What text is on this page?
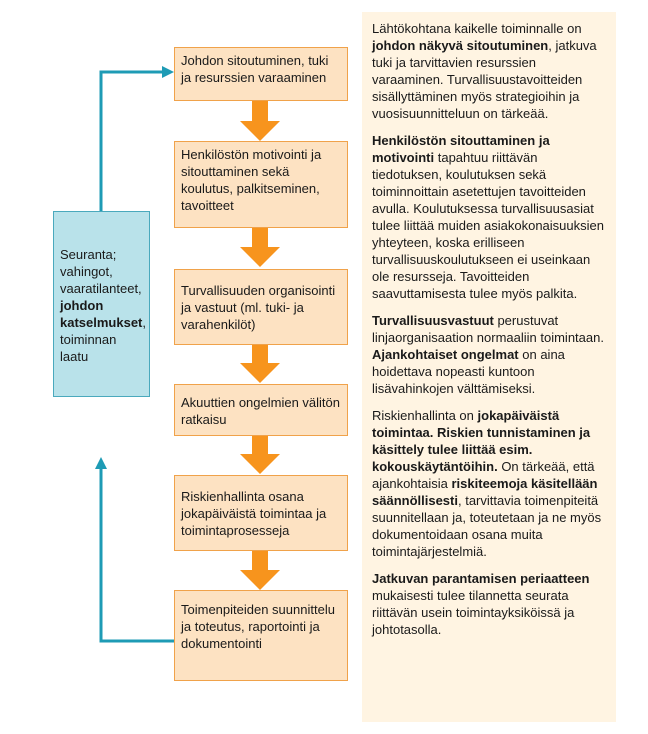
Johdon sitoutuminen, tuki ja resurssien varaaminen
Henkilöstön motivointi ja sitouttaminen sekä koulutus, palkitseminen, tavoitteet
Turvallisuuden organisointi ja vastuut (ml. tuki- ja varahenkilöt)
Akuuttien ongelmien välitön ratkaisu
Riskienhallinta osana jokapäiväistä toimintaa ja toimintaprosesseja
Toimenpiteiden suunnittelu ja toteutus, raportointi ja dokumentointi
Seuranta;
vahingot,
vaaratilanteet,
johdon katselmukset,
toiminnan
laatu

Lähtökohtana kaikelle toiminnalle on johdon näkyvä sitoutuminen, jatkuva tuki ja tarvittavien resurssien varaaminen. Turvallisuustavoitteiden sisällyttäminen myös strategioihin ja vuosisuunnitteluun on tärkeää.

Henkilöstön sitouttaminen ja motivointi tapahtuu riittävän tiedotuksen, koulutuksen sekä toiminnoittain asetettujen tavoitteiden avulla. Koulutuksessa turvallisuusasiat tulee liittää muiden asiakokonaisuuksien yhteyteen, koska erilliseen turvallisuuskoulutukseen ei useinkaan ole resursseja. Tavoitteiden saavuttamisesta tulee myös palkita.

Turvallisuusvastuut perustuvat linjaorganisaation normaaliin toimintaan. Ajankohtaiset ongelmat on aina hoidettava nopeasti kuntoon lisävahinkojen välttämiseksi.

Riskienhallinta on jokapäiväistä toimintaa. Riskien tunnistaminen ja käsittely tulee liittää esim. kokouskäytäntöihin. On tärkeää, että ajankohtaisia riskiteemoja käsitellään säännöllisesti, tarvittavia toimenpiteitä suunnitellaan ja, toteutetaan ja ne myös dokumentoidaan osana muita toimintajärjestelmiä.

Jatkuvan parantamisen periaatteen mukaisesti tulee tilannetta seurata riittävän usein toimintayksiköissä ja johtotasolla.
